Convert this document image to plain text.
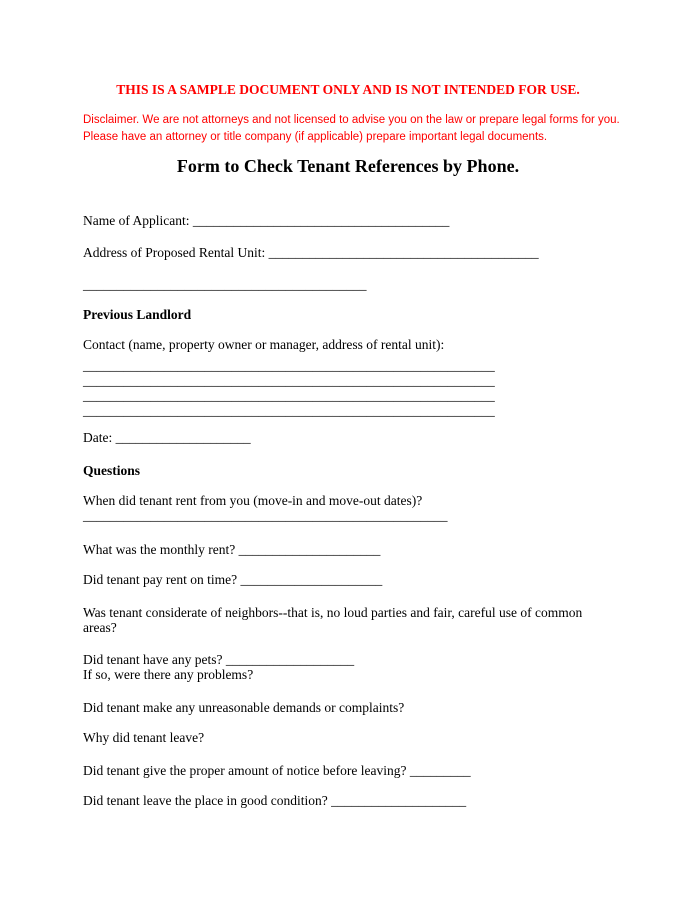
THIS IS A SAMPLE DOCUMENT ONLY AND IS NOT INTENDED FOR USE.

Disclaimer. We are not attorneys and not licensed to advise you on the law or prepare legal forms for you.
Please have an attorney or title company (if applicable) prepare important legal documents.

Form to Check Tenant References by Phone.

Name of Applicant: ______________________________________

Address of Proposed Rental Unit: ________________________________________

__________________________________________

Previous Landlord

Contact (name, property owner or manager, address of rental unit):

_____________________________________________________________
_____________________________________________________________
_____________________________________________________________
_____________________________________________________________

Date: ____________________

Questions

When did tenant rent from you (move-in and move-out dates)?
______________________________________________________

What was the monthly rent? _____________________

Did tenant pay rent on time? _____________________

Was tenant considerate of neighbors--that is, no loud parties and fair, careful use of common areas?

Did tenant have any pets? ___________________
If so, were there any problems?

Did tenant make any unreasonable demands or complaints?

Why did tenant leave?

Did tenant give the proper amount of notice before leaving? _________

Did tenant leave the place in good condition? ____________________
